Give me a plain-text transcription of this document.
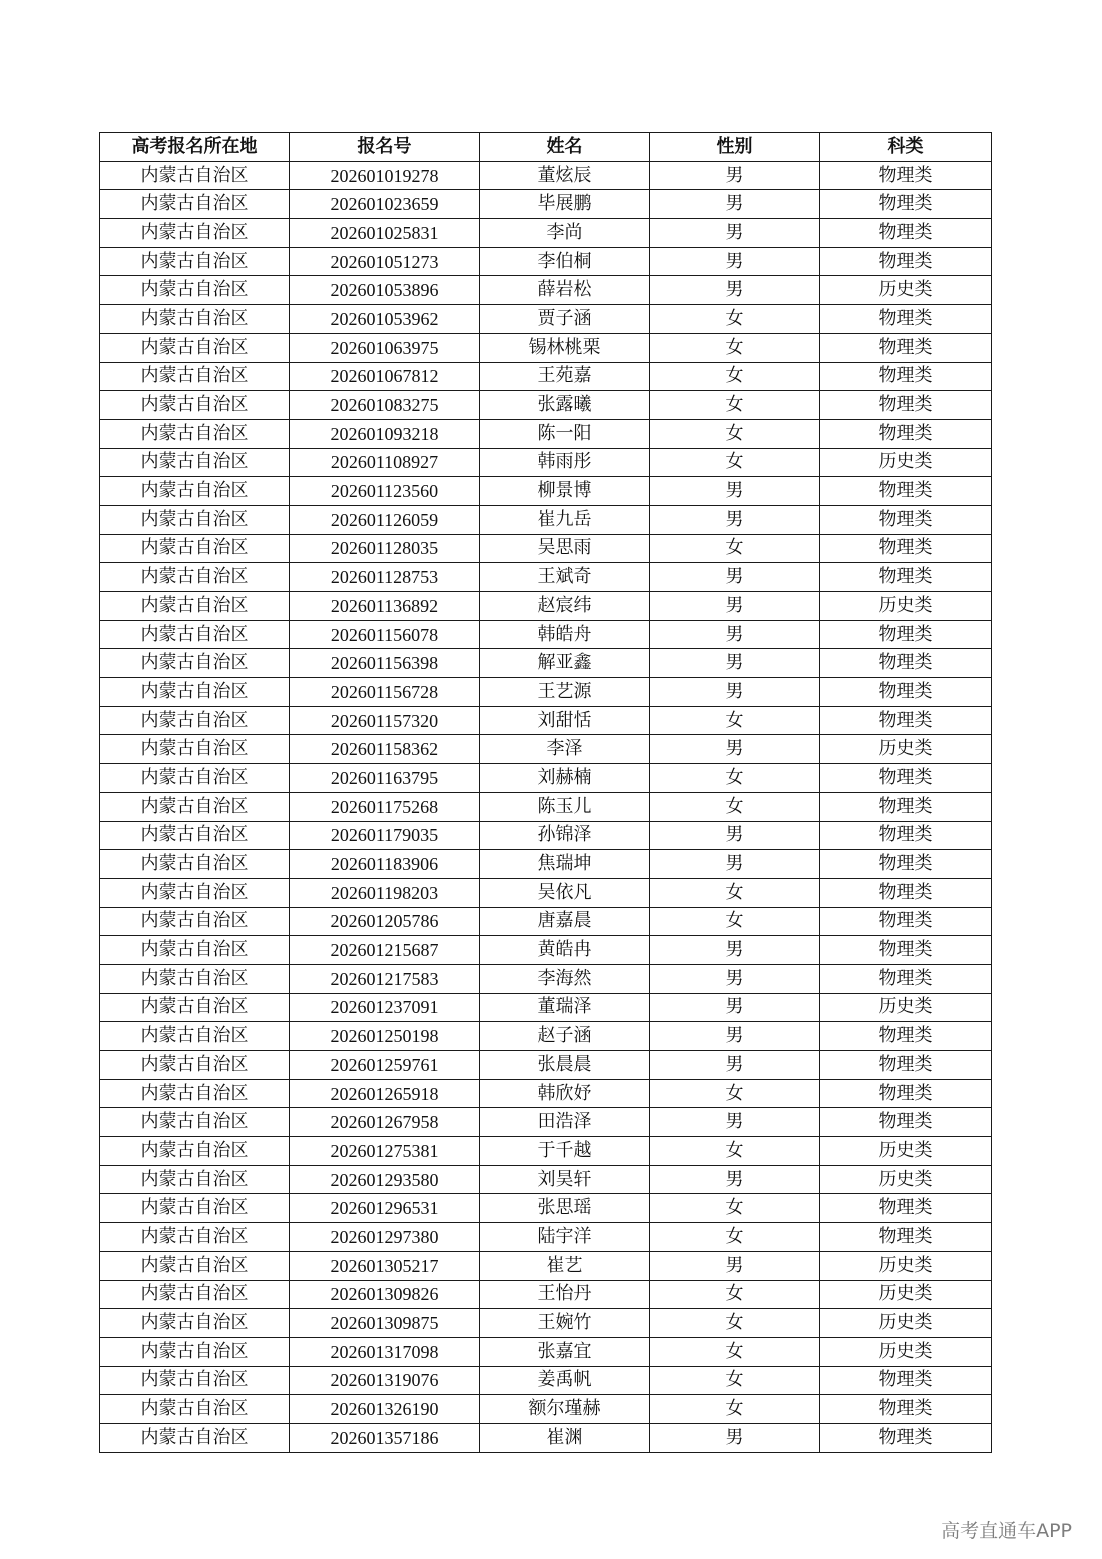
高考报名所在地	报名号	姓名	性别	科类
内蒙古自治区	202601019278	董炫辰	男	物理类
内蒙古自治区	202601023659	毕展鹏	男	物理类
内蒙古自治区	202601025831	李尚	男	物理类
内蒙古自治区	202601051273	李伯桐	男	物理类
内蒙古自治区	202601053896	薛岩松	男	历史类
内蒙古自治区	202601053962	贾子涵	女	物理类
内蒙古自治区	202601063975	锡林桃栗	女	物理类
内蒙古自治区	202601067812	王苑嘉	女	物理类
内蒙古自治区	202601083275	张露曦	女	物理类
内蒙古自治区	202601093218	陈一阳	女	物理类
内蒙古自治区	202601108927	韩雨彤	女	历史类
内蒙古自治区	202601123560	柳景博	男	物理类
内蒙古自治区	202601126059	崔九岳	男	物理类
内蒙古自治区	202601128035	吴思雨	女	物理类
内蒙古自治区	202601128753	王斌奇	男	物理类
内蒙古自治区	202601136892	赵宸纬	男	历史类
内蒙古自治区	202601156078	韩皓舟	男	物理类
内蒙古自治区	202601156398	解亚鑫	男	物理类
内蒙古自治区	202601156728	王艺源	男	物理类
内蒙古自治区	202601157320	刘甜恬	女	物理类
内蒙古自治区	202601158362	李泽	男	历史类
内蒙古自治区	202601163795	刘赫楠	女	物理类
内蒙古自治区	202601175268	陈玉儿	女	物理类
内蒙古自治区	202601179035	孙锦泽	男	物理类
内蒙古自治区	202601183906	焦瑞坤	男	物理类
内蒙古自治区	202601198203	吴依凡	女	物理类
内蒙古自治区	202601205786	唐嘉晨	女	物理类
内蒙古自治区	202601215687	黄皓冉	男	物理类
内蒙古自治区	202601217583	李海然	男	物理类
内蒙古自治区	202601237091	董瑞泽	男	历史类
内蒙古自治区	202601250198	赵子涵	男	物理类
内蒙古自治区	202601259761	张晨晨	男	物理类
内蒙古自治区	202601265918	韩欣妤	女	物理类
内蒙古自治区	202601267958	田浩泽	男	物理类
内蒙古自治区	202601275381	于千越	女	历史类
内蒙古自治区	202601293580	刘昊轩	男	历史类
内蒙古自治区	202601296531	张思瑶	女	物理类
内蒙古自治区	202601297380	陆宇洋	女	物理类
内蒙古自治区	202601305217	崔艺	男	历史类
内蒙古自治区	202601309826	王怡丹	女	历史类
内蒙古自治区	202601309875	王婉竹	女	历史类
内蒙古自治区	202601317098	张嘉宜	女	历史类
内蒙古自治区	202601319076	姜禹帆	女	物理类
内蒙古自治区	202601326190	额尔瑾赫	女	物理类
内蒙古自治区	202601357186	崔渊	男	物理类
高考直通车APP
